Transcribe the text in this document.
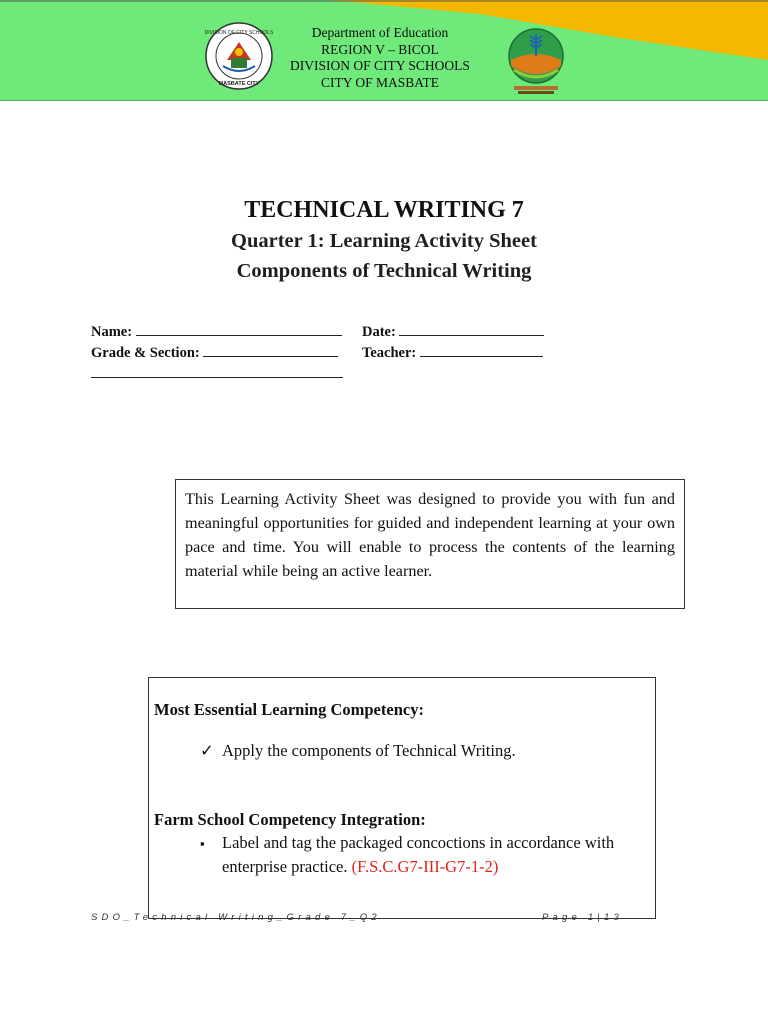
DIVISION OF CITY SCHOOLS
MASBATE CITY
Department of Education
REGION V – BICOL
DIVISION OF CITY SCHOOLS
CITY OF MASBATE
TECHNICAL WRITING 7
Quarter 1: Learning Activity Sheet
Components of Technical Writing
Name:	Date:
Grade & Section:	Teacher:
This Learning Activity Sheet was designed to provide you with fun and meaningful opportunities for guided and independent learning at your own pace and time. You will enable to process the contents of the learning material while being an active learner.
Most Essential Learning Competency:
✓ Apply the components of Technical Writing.
Farm School Competency Integration:
▪ Label and tag the packaged concoctions in accordance with enterprise practice. (F.S.C.G7-III-G7-1-2)
SDO_Technical Writing_Grade 7_Q2	Page 1|13
